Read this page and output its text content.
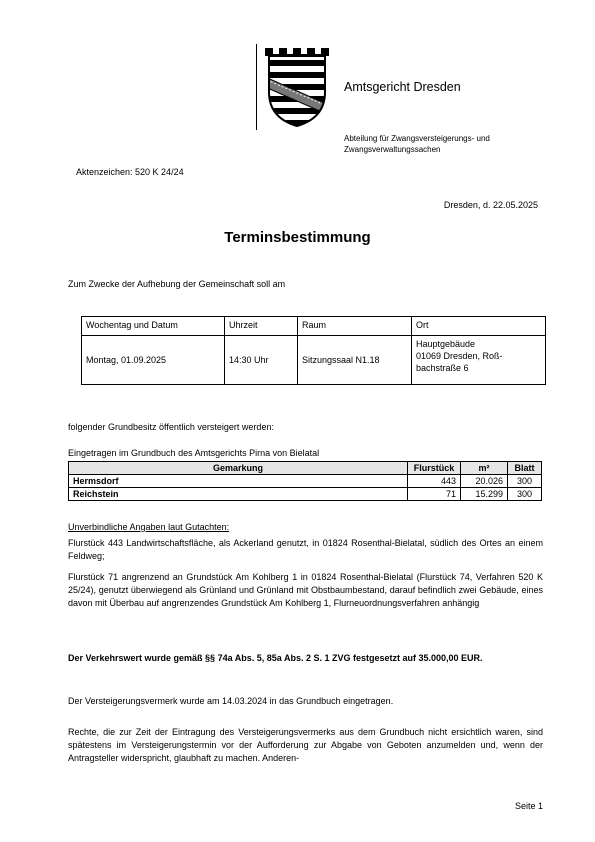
Amtsgericht Dresden
Abteilung für Zwangsversteigerungs- und Zwangsverwaltungssachen
Aktenzeichen: 520 K 24/24
Dresden, d. 22.05.2025
Terminsbestimmung
Zum Zwecke der Aufhebung der Gemeinschaft soll am
Wochentag und Datum	Uhrzeit	Raum	Ort
Montag, 01.09.2025	14:30 Uhr	Sitzungssaal N1.18	Hauptgebäude
01069 Dresden, Roß-
bachstraße 6
folgender Grundbesitz öffentlich versteigert werden:
Eingetragen im Grundbuch des Amtsgerichts Pirna von Bielatal
Gemarkung	Flurstück	m²	Blatt
Hermsdorf	443	20.026	300
Reichstein	71	15.299	300
Unverbindliche Angaben laut Gutachten:
Flurstück 443 Landwirtschaftsfläche, als Ackerland genutzt, in 01824 Rosenthal-Bielatal, südlich des Ortes an einem Feldweg;
Flurstück 71 angrenzend an Grundstück Am Kohlberg 1 in 01824 Rosenthal-Bielatal (Flurstück 74, Verfahren 520 K 25/24), genutzt überwiegend als Grünland und Grünland mit Obstbaumbestand, darauf befindlich zwei Gebäude, eines davon mit Überbau auf angrenzendes Grundstück Am Kohlberg 1, Flurneuordnungsverfahren anhängig
Der Verkehrswert wurde gemäß §§ 74a Abs. 5, 85a Abs. 2 S. 1 ZVG festgesetzt auf 35.000,00 EUR.
Der Versteigerungsvermerk wurde am 14.03.2024 in das Grundbuch eingetragen.
Rechte, die zur Zeit der Eintragung des Versteigerungsvermerks aus dem Grundbuch nicht ersichtlich waren, sind spätestens im Versteigerungstermin vor der Aufforderung zur Abgabe von Geboten anzumelden und, wenn der Antragsteller widerspricht, glaubhaft zu machen. Anderen-
Seite 1
